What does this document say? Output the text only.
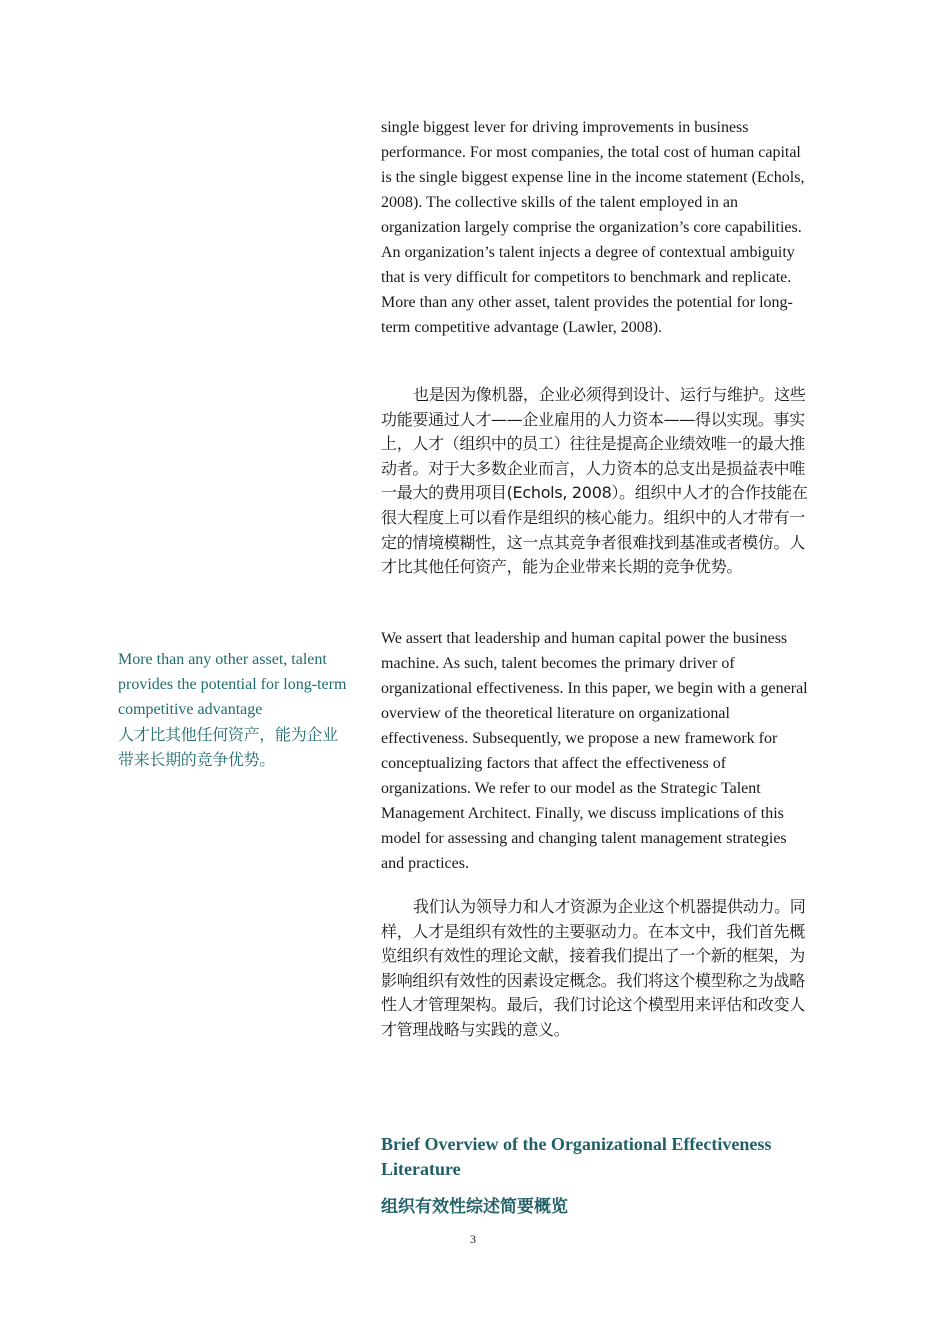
single biggest lever for driving improvements in business performance. For most companies, the total cost of human capital is the single biggest expense line in the income statement (Echols, 2008). The collective skills of the talent employed in an organization largely comprise the organization’s core capabilities. An organization’s talent injects a degree of contextual ambiguity that is very difficult for competitors to benchmark and replicate. More than any other asset, talent provides the potential for long-term competitive advantage (Lawler, 2008).

也是因为像机器，企业必须得到设计、运行与维护。这些功能要通过人才——企业雇用的人力资本——得以实现。事实上，人才（组织中的员工）往往是提高企业绩效唯一的最大推动者。对于大多数企业而言，人力资本的总支出是损益表中唯一最大的费用项目(Echols, 2008）。组织中人才的合作技能在很大程度上可以看作是组织的核心能力。组织中的人才带有一定的情境模糊性，这一点其竞争者很难找到基准或者模仿。人才比其他任何资产，能为企业带来长期的竞争优势。

More than any other asset, talent provides the potential for long-term competitive advantage

人才比其他任何资产，能为企业带来长期的竞争优势。

We assert that leadership and human capital power the business machine. As such, talent becomes the primary driver of organizational effectiveness. In this paper, we begin with a general overview of the theoretical literature on organizational effectiveness. Subsequently, we propose a new framework for conceptualizing factors that affect the effectiveness of organizations. We refer to our model as the Strategic Talent Management Architect. Finally, we discuss implications of this model for assessing and changing talent management strategies and practices.

我们认为领导力和人才资源为企业这个机器提供动力。同样，人才是组织有效性的主要驱动力。在本文中，我们首先概览组织有效性的理论文献，接着我们提出了一个新的框架，为影响组织有效性的因素设定概念。我们将这个模型称之为战略性人才管理架构。最后，我们讨论这个模型用来评估和改变人才管理战略与实践的意义。

Brief Overview of the Organizational Effectiveness Literature
组织有效性综述简要概览
3
